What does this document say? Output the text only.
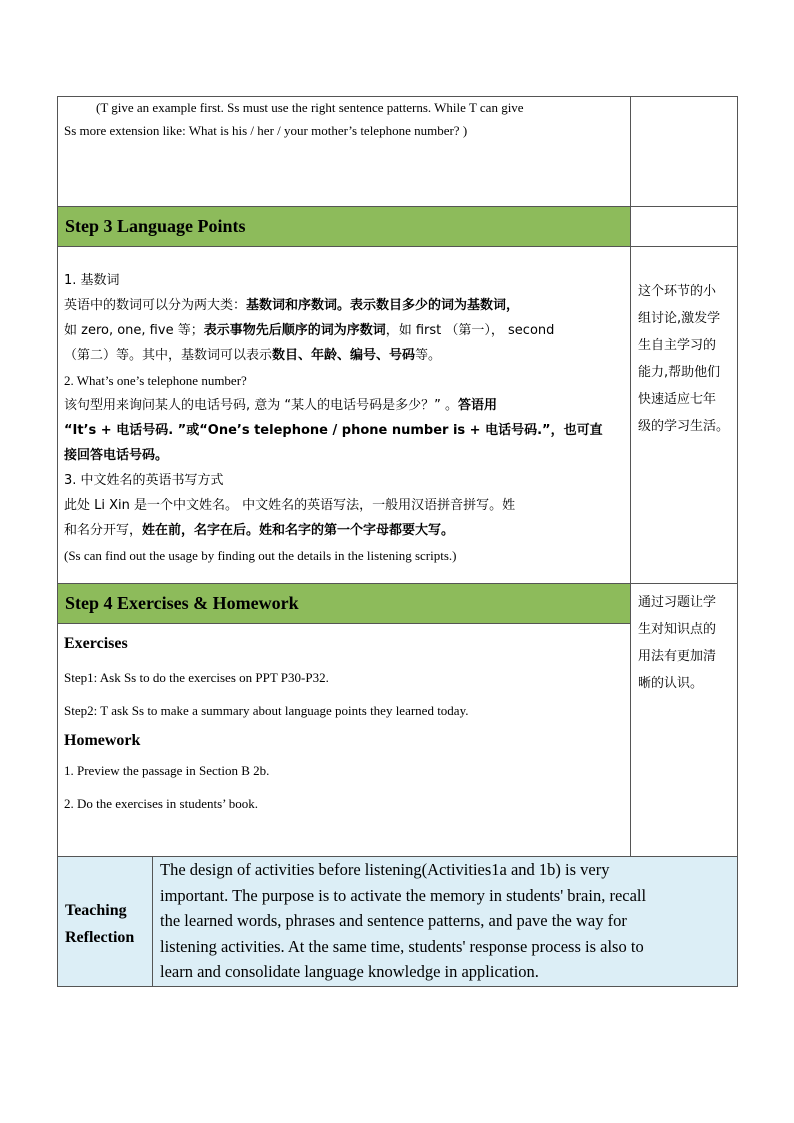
(T give an example first. Ss must use the right sentence patterns. While T can give
Ss more extension like: What is his / her / your mother’s telephone number? )
Step 3 Language Points

1. 基数词

英语中的数词可以分为两大类：基数词和序数词。表示数目多少的词为基数词，

如 zero, one, five 等；表示事物先后顺序的词为序数词，如 first （第一）， second

（第二）等。其中，基数词可以表示数目、年龄、编号、号码等。

2. What’s one’s telephone number?

该句型用来询问某人的电话号码, 意为 “某人的电话号码是多少？” 。答语用

“It’s + 电话号码. ”或“One’s telephone / phone number is + 电话号码.”，也可直

接回答电话号码。

3. 中文姓名的英语书写方式

此处 Li Xin 是一个中文姓名。 中文姓名的英语写法，一般用汉语拼音拼写。姓

和名分开写，姓在前，名字在后。姓和名字的第一个字母都要大写。

(Ss can find out the usage by finding out the details in the listening scripts.)

这个环节的小
组讨论,激发学
生自主学习的
能力,帮助他们
快速适应七年
级的学习生活。
Step 4 Exercises & Homework
Exercises
Step1: Ask Ss to do the exercises on PPT P30-P32.
Step2: T ask Ss to make a summary about language points they learned today.
Homework
1. Preview the passage in Section B 2b.
2. Do the exercises in students’ book.
通过习题让学
生对知识点的
用法有更加清
晰的认识。
Teaching
Reflection
The design of activities before listening(Activities1a and 1b) is very
important. The purpose is to activate the memory in students' brain, recall
the learned words, phrases and sentence patterns, and pave the way for
listening activities. At the same time, students' response process is also to
learn and consolidate language knowledge in application.
